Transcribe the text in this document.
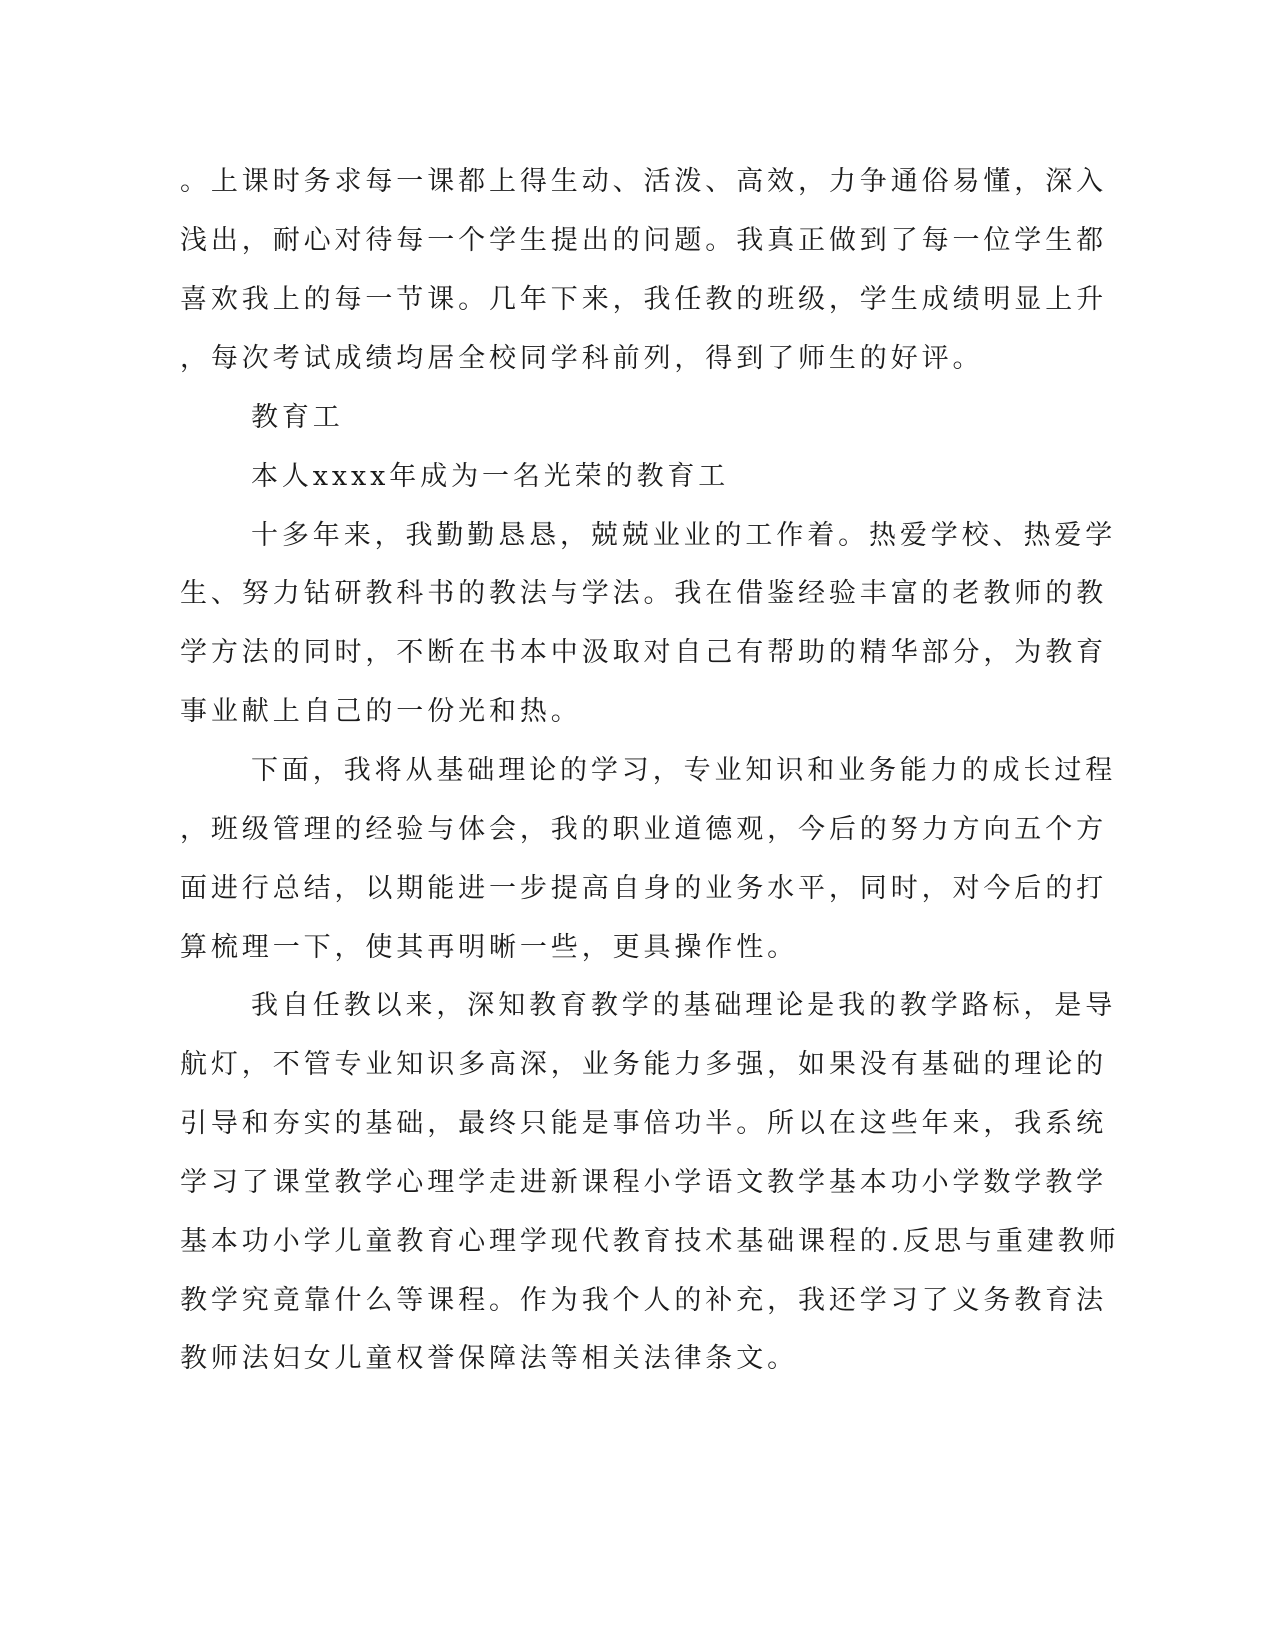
。上课时务求每一课都上得生动、活泼、高效，力争通俗易懂，深入

浅出，耐心对待每一个学生提出的问题。我真正做到了每一位学生都

喜欢我上的每一节课。几年下来，我任教的班级，学生成绩明显上升

，每次考试成绩均居全校同学科前列，得到了师生的好评。

教育工

本人xxxx年成为一名光荣的教育工

十多年来，我勤勤恳恳，兢兢业业的工作着。热爱学校、热爱学

生、努力钻研教科书的教法与学法。我在借鉴经验丰富的老教师的教

学方法的同时，不断在书本中汲取对自己有帮助的精华部分，为教育

事业献上自己的一份光和热。

下面，我将从基础理论的学习，专业知识和业务能力的成长过程

，班级管理的经验与体会，我的职业道德观，今后的努力方向五个方

面进行总结，以期能进一步提高自身的业务水平，同时，对今后的打

算梳理一下，使其再明晰一些，更具操作性。

我自任教以来，深知教育教学的基础理论是我的教学路标，是导

航灯，不管专业知识多高深，业务能力多强，如果没有基础的理论的

引导和夯实的基础，最终只能是事倍功半。所以在这些年来，我系统

学习了课堂教学心理学走进新课程小学语文教学基本功小学数学教学

基本功小学儿童教育心理学现代教育技术基础课程的.反思与重建教师

教学究竟靠什么等课程。作为我个人的补充，我还学习了义务教育法

教师法妇女儿童权誉保障法等相关法律条文。
